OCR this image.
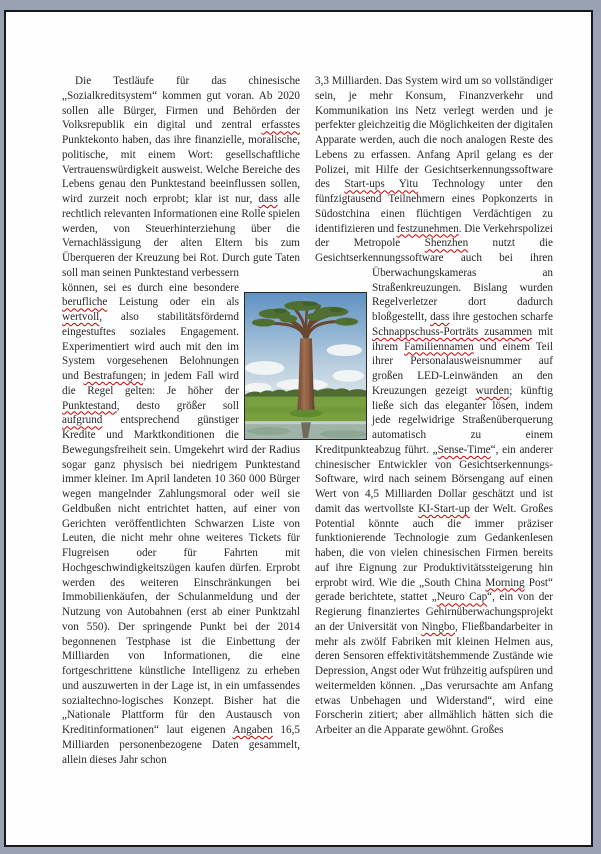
Die Testläufe für das chinesische „Sozialkreditsystem“ kommen gut voran. Ab 2020 sollen alle Bürger, Firmen und Behörden der Volksrepublik ein digital und zentral erfasstes Punktekonto haben, das ihre finanzielle, moralische, politische, mit einem Wort: gesellschaftliche Vertrauenswürdigkeit ausweist. Welche Bereiche des Lebens genau den Punktestand beeinflussen sollen, wird zurzeit noch erprobt; klar ist nur, dass alle rechtlich relevanten Informationen eine Rolle spielen werden, von Steuerhinterziehung über die Vernachlässigung der alten Eltern bis zum Überqueren der Kreuzung bei Rot. Durch gute Taten soll man seinen
Punktestand verbessern können, sei es durch eine besondere berufliche Leistung oder ein als wertvoll, also stabilitätsfördernd eingestuftes soziales Engagement. Experimentiert wird auch mit den im System vorgesehenen Belohnungen und Bestrafungen; in jedem Fall wird die Regel gelten: Je höher der Punktestand, desto größer soll aufgrund entsprechend günstiger Kredite und Marktkonditionen die Bewegungsfreiheit sein. Umgekehrt wird der Radius sogar ganz physisch bei niedrigem Punktestand immer kleiner. Im April landeten 10 360 000 Bürger wegen mangelnder Zahlungsmoral oder weil sie Geldbußen nicht entrichtet hatten, auf einer von Gerichten veröffentlichten Schwarzen Liste von Leuten, die nicht mehr ohne weiteres Tickets für Flugreisen oder für Fahrten mit Hochgeschwindigkeitszügen kaufen dürfen. Erprobt werden des weiteren Einschränkungen bei Immobilienkäufen, der Schulanmeldung und der Nutzung von Autobahnen (erst ab einer Punktzahl von 550). Der springende Punkt bei der 2014 begonnenen Testphase ist die Einbettung der Milliarden von Informationen, die eine fortgeschrittene künstliche Intelligenz zu erheben und auszuwerten in der Lage ist, in ein umfassendes sozialtechno-logisches Konzept. Bisher hat die „Nationale Plattform für den Austausch von Kreditinformationen“ laut eigenen Angaben 16,5 Milliarden personenbezogene Daten gesammelt, allein dieses Jahr schon
3,3 Milliarden. Das System wird um so vollständiger sein, je mehr Konsum, Finanzverkehr und Kommunikation ins Netz verlegt werden und je perfekter gleichzeitig die Möglichkeiten der digitalen Apparate werden, auch die noch analogen Reste des Lebens zu erfassen. Anfang April gelang es der Polizei, mit Hilfe der Gesichtserkennungssoftware des Start-ups Yitu Technology unter den fünfzigtausend Teilnehmern eines Popkonzerts in Südostchina einen flüchtigen Verdächtigen zu identifizieren und festzunehmen. Die Verkehrspolizei der Metropole Shenzhen nutzt die Gesichtserkennungssoftware auch bei ihren
Überwachungskameras an Straßenkreuzungen. Bislang wurden Regelverletzer dort dadurch bloßgestellt, dass ihre gestochen scharfe Schnappschuss-Porträts zusammen mit ihrem Familiennamen und einem Teil ihrer Personalausweisnummer auf großen LED-Leinwänden an den Kreuzungen gezeigt wurden; künftig ließe sich das eleganter lösen, indem jede regelwidrige Straßenüberquerung automatisch zu einem Kreditpunkteabzug führt. „Sense-Time“, ein anderer chinesischer Entwickler von Gesichtserkennungs-Software, wird nach seinem Börsengang auf einen Wert von 4,5 Milliarden Dollar geschätzt und ist damit das wertvollste KI-Start-up der Welt. Großes Potential könnte auch die immer präziser funktionierende Technologie zum Gedankenlesen haben, die von vielen chinesischen Firmen bereits auf ihre Eignung zur Produktivitätssteigerung hin erprobt wird. Wie die „South China Morning Post“ gerade berichtete, stattet „Neuro Cap“, ein von der Regierung finanziertes Gehirnüberwachungsprojekt an der Universität von Ningbo, Fließbandarbeiter in mehr als zwölf Fabriken mit kleinen Helmen aus, deren Sensoren effektivitätshemmende Zustände wie Depression, Angst oder Wut frühzeitig aufspüren und weitermelden können. „Das verursachte am Anfang etwas Unbehagen und Widerstand“, wird eine Forscherin zitiert; aber allmählich hätten sich die Arbeiter an die Apparate gewöhnt. Großes
